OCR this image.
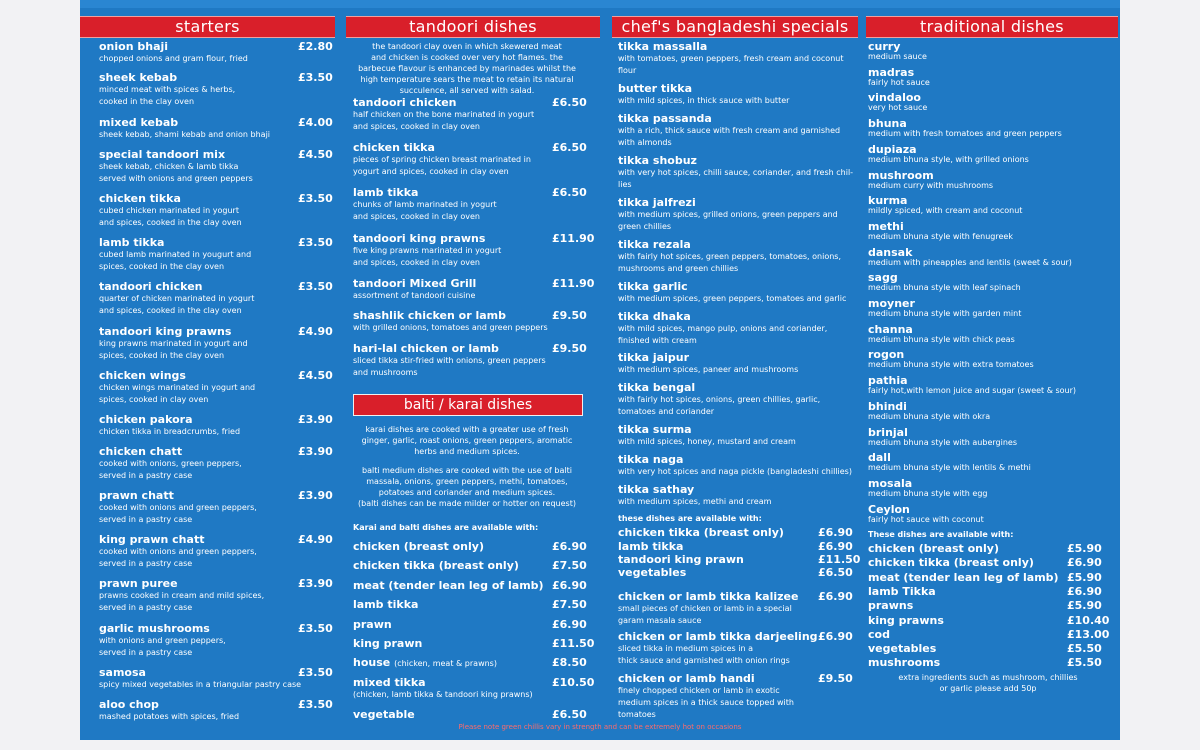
starters	tandoori dishes	chef's bangladeshi specials	traditional dishes
onion bhaji	£2.80
chopped onions and gram flour, fried
sheek kebab	£3.50
minced meat with spices & herbs,
cooked in the clay oven
mixed kebab	£4.00
sheek kebab, shami kebab and onion bhaji
special tandoori mix	£4.50
sheek kebab, chicken & lamb tikka
served with onions and green peppers
chicken tikka	£3.50
cubed chicken marinated in yogurt
and spices, cooked in the clay oven
lamb tikka	£3.50
cubed lamb marinated in yougurt and
spices, cooked in the clay oven
tandoori chicken	£3.50
quarter of chicken marinated in yogurt
and spices, cooked in the clay oven
tandoori king prawns	£4.90
king prawns marinated in yogurt and
spices, cooked in the clay oven
chicken wings	£4.50
chicken wings marinated in yogurt and
spices, cooked in clay oven
chicken pakora	£3.90
chicken tikka in breadcrumbs, fried
chicken chatt	£3.90
cooked with onions, green peppers,
served in a pastry case
prawn chatt	£3.90
cooked with onions and green peppers,
served in a pastry case
king prawn chatt	£4.90
cooked with onions and green peppers,
served in a pastry case
prawn puree	£3.90
prawns cooked in cream and mild spices,
served in a pastry case
garlic mushrooms	£3.50
with onions and green peppers,
served in a pastry case
samosa	£3.50
spicy mixed vegetables in a triangular pastry case
aloo chop	£3.50
mashed potatoes with spices, fried
the tandoori clay oven in which skewered meat
and chicken is cooked over very hot flames. the
barbecue flavour is enhanced by marinades whilst the
high temperature sears the meat to retain its natural
succulence, all served with salad.
tandoori chicken	£6.50
half chicken on the bone marinated in yogurt
and spices, cooked in clay oven
chicken tikka	£6.50
pieces of spring chicken breast marinated in
yogurt and spices, cooked in clay oven
lamb tikka	£6.50
chunks of lamb marinated in yogurt
and spices, cooked in clay oven
tandoori king prawns	£11.90
five king prawns marinated in yogurt
and spices, cooked in clay oven
tandoori Mixed Grill	£11.90
assortment of tandoori cuisine
shashlik chicken or lamb	£9.50
with grilled onions, tomatoes and green peppers
hari-lal chicken or lamb	£9.50
sliced tikka stir-fried with onions, green peppers
and mushrooms
balti / karai dishes
karai dishes are cooked with a greater use of fresh
ginger, garlic, roast onions, green peppers, aromatic
herbs and medium spices.
balti medium dishes are cooked with the use of balti
massala, onions, green peppers, methi, tomatoes,
potatoes and coriander and medium spices.
(balti dishes can be made milder or hotter on request)
Karai and balti dishes are available with:
chicken (breast only)	£6.90
chicken tikka (breast only)	£7.50
meat (tender lean leg of lamb) £6.90
lamb tikka	£7.50
prawn	£6.90
king prawn	£11.50
house (chicken, meat & prawns)	£8.50
mixed tikka	£10.50
(chicken, lamb tikka & tandoori king prawns)
vegetable	£6.50
tikka massalla
with tomatoes, green peppers, fresh cream and coconut
flour
butter tikka
with mild spices, in thick sauce with butter
tikka passanda
with a rich, thick sauce with fresh cream and garnished
with almonds
tikka shobuz
with very hot spices, chilli sauce, coriander, and fresh chil-
lies
tikka jalfrezi
with medium spices, grilled onions, green peppers and
green chillies
tikka rezala
with fairly hot spices, green peppers, tomatoes, onions,
mushrooms and green chillies
tikka garlic
with medium spices, green peppers, tomatoes and garlic
tikka dhaka
with mild spices, mango pulp, onions and coriander,
finished with cream
tikka jaipur
with medium spices, paneer and mushrooms
tikka bengal
with fairly hot spices, onions, green chillies, garlic,
tomatoes and coriander
tikka surma
with mild spices, honey, mustard and cream
tikka naga
with very hot spices and naga pickle (bangladeshi chillies)
tikka sathay
with medium spices, methi and cream
these dishes are available with:
chicken tikka (breast only)	£6.90
lamb tikka	£6.90
tandoori king prawn	£11.50
vegetables	£6.50
chicken or lamb tikka kalizee £6.90
small pieces of chicken or lamb in a special
garam masala sauce
chicken or lamb tikka darjeeling £6.90
sliced tikka in medium spices in a
thick sauce and garnished with onion rings
chicken or lamb handi	£9.50
finely chopped chicken or lamb in exotic
medium spices in a thick sauce topped with
tomatoes
curry
medium sauce
madras
fairly hot sauce
vindaloo
very hot sauce
bhuna
medium with fresh tomatoes and green peppers
dupiaza
medium bhuna style, with grilled onions
mushroom
medium curry with mushrooms
kurma
mildly spiced, with cream and coconut
methi
medium bhuna style with fenugreek
dansak
medium with pineapples and lentils (sweet & sour)
sagg
medium bhuna style with leaf spinach
moyner
medium bhuna style with garden mint
channa
medium bhuna style with chick peas
rogon
medium bhuna style with extra tomatoes
pathia
fairly hot,with lemon juice and sugar (sweet & sour)
bhindi
medium bhuna style with okra
brinjal
medium bhuna style with aubergines
dall
medium bhuna style with lentils & methi
mosala
medium bhuna style with egg
Ceylon
fairly hot sauce with coconut
These dishes are available with:
chicken (breast only)	£5.90
chicken tikka (breast only)	£6.90
meat (tender lean leg of lamb) £5.90
lamb Tikka	£6.90
prawns	£5.90
king prawns	£10.40
cod	£13.00
vegetables	£5.50
mushrooms	£5.50
extra ingredients such as mushroom, chillies
or garlic please add 50p
Please note green chillis vary in strength and can be extremely hot on occasions
